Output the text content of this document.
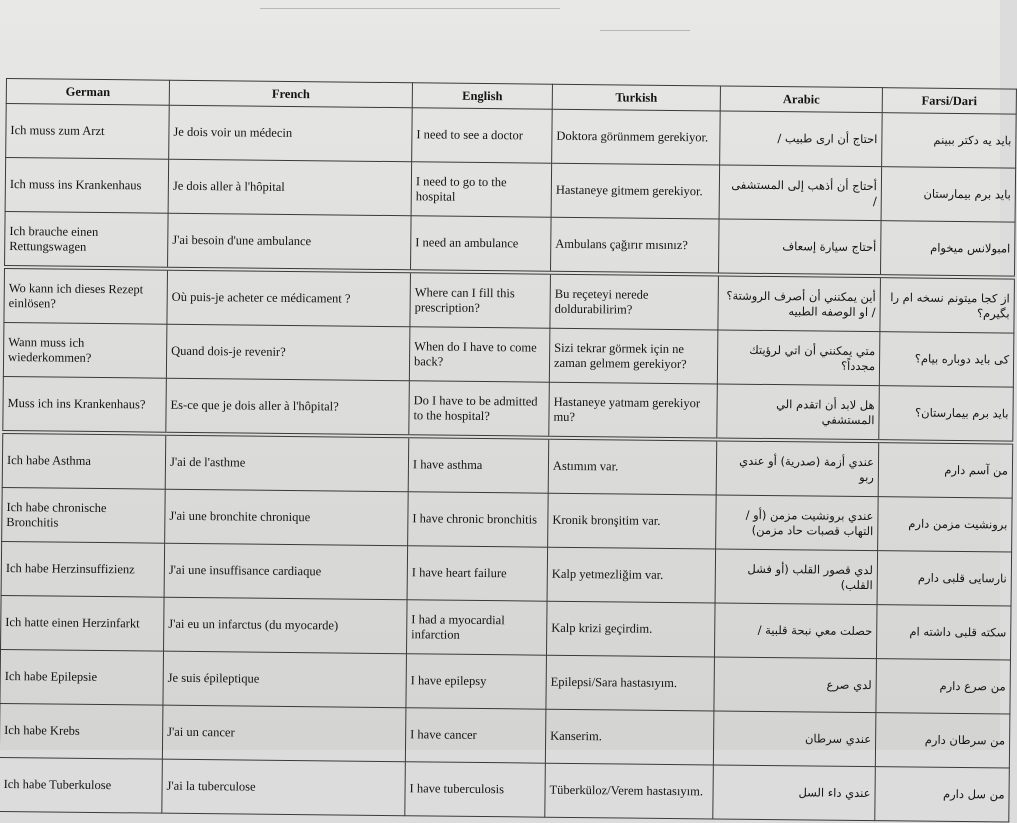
German	French	English	Turkish	Arabic	Farsi/Dari
Ich muss zum Arzt	Je dois voir un médecin	I need to see a doctor	Doktora görünmem gerekiyor.	احتاج أن ارى طبيب /	باید یه دکتر ببینم
Ich muss ins Krankenhaus	Je dois aller à l'hôpital	I need to go to the hospital	Hastaneye gitmem gerekiyor.	أحتاج أن أذهب إلى المستشفى /	باید برم بیمارستان
Ich brauche einen Rettungswagen	J'ai besoin d'une ambulance	I need an ambulance	Ambulans çağırır mısınız?	أحتاج سيارة إسعاف	امبولانس میخوام
Wo kann ich dieses Rezept einlösen?	Où puis-je acheter ce médicament ?	Where can I fill this prescription?	Bu reçeteyi nerede doldurabilirim?	أين يمكنني أن أصرف الروشتة؟ / او الوصفه الطبيه	از کجا میتونم نسخه ام را بگیرم؟
Wann muss ich wiederkommen?	Quand dois-je revenir?	When do I have to come back?	Sizi tekrar görmek için ne zaman gelmem gerekiyor?	متي يمكنني أن اتي لرؤيتك مجدداً؟	کی باید دوباره بیام؟
Muss ich ins Krankenhaus?	Es-ce que je dois aller à l'hôpital?	Do I have to be admitted to the hospital?	Hastaneye yatmam gerekiyor mu?	هل لابد أن اتقدم الي المستشفي	باید برم بیمارستان؟
Ich habe Asthma	J'ai de l'asthme	I have asthma	Astımım var.	عندي أزمة (صدرية) أو عندي ربو	من آسم دارم
Ich habe chronische Bronchitis	J'ai une bronchite chronique	I have chronic bronchitis	Kronik bronşitim var.	عندي برونشيت مزمن (أو / التهاب قصبات حاد مزمن)	برونشیت مزمن دارم
Ich habe Herzinsuffizienz	J'ai une insuffisance cardiaque	I have heart failure	Kalp yetmezliğim var.	لدي قصور القلب (أو فشل القلب)	نارسایی قلبی دارم
Ich hatte einen Herzinfarkt	J'ai eu un infarctus (du myocarde)	I had a myocardial infarction	Kalp krizi geçirdim.	حصلت معي نبحة قلبية /	سکته قلبی داشته ام
Ich habe Epilepsie	Je suis épileptique	I have epilepsy	Epilepsi/Sara hastasıyım.	لدي صرع	من صرع دارم
Ich habe Krebs	J'ai un cancer	I have cancer	Kanserim.	عندي سرطان	من سرطان دارم
Ich habe Tuberkulose	J'ai la tuberculose	I have tuberculosis	Tüberküloz/Verem hastasıyım.	عندي داء السل	من سل دارم
